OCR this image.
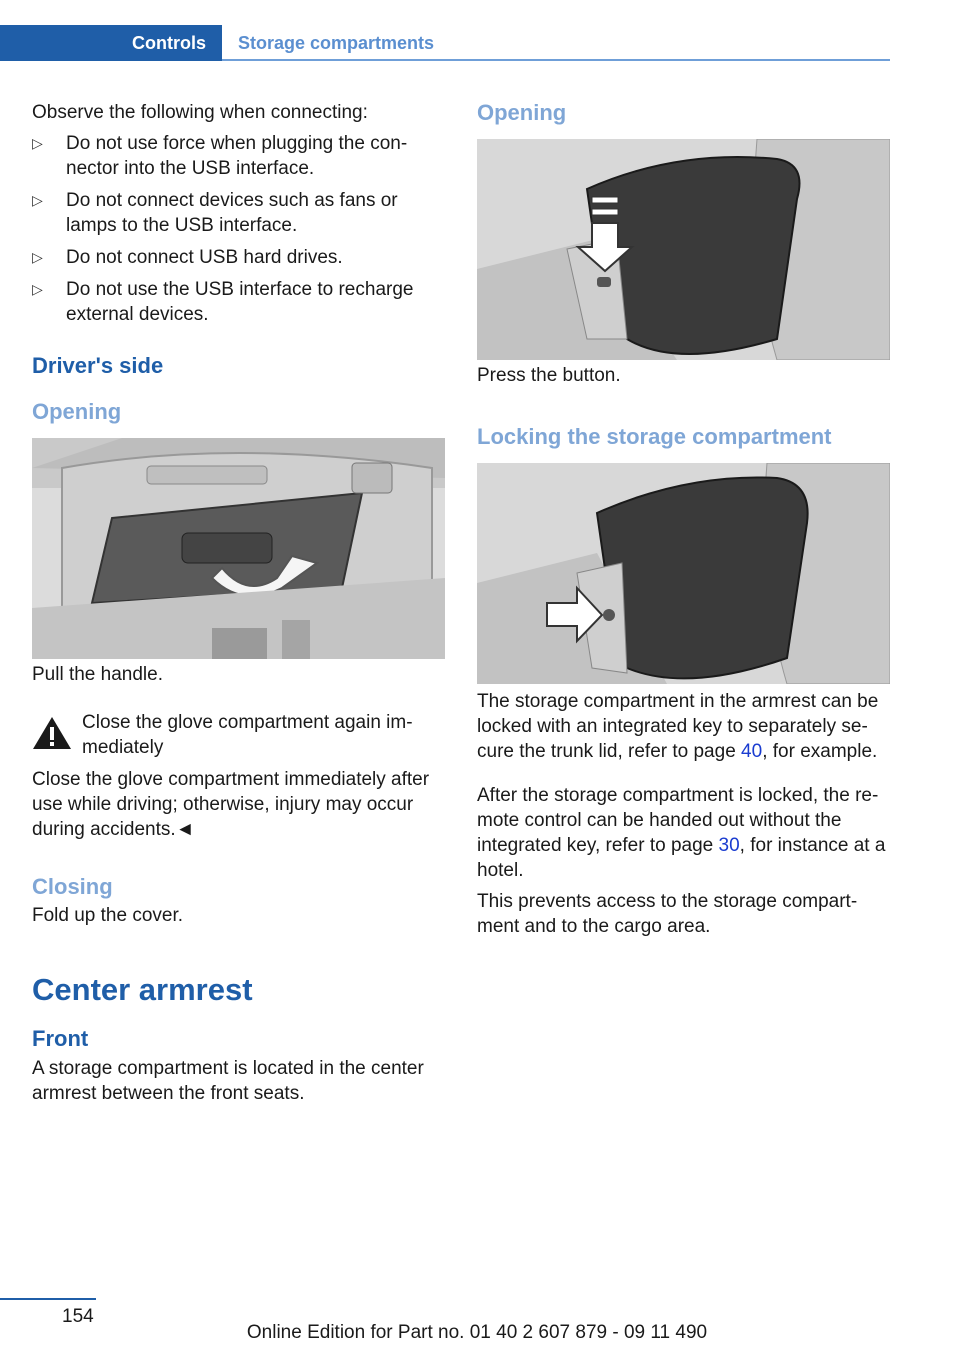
Controls Storage compartments

Observe the following when connecting:

▷ Do not use force when plugging the con-nector into the USB interface.
▷ Do not connect devices such as fans or lamps to the USB interface.
▷ Do not connect USB hard drives.
▷ Do not use the USB interface to recharge external devices.
Driver's side
Opening

Pull the handle.

Close the glove compartment again im-mediately

Close the glove compartment immediately after use while driving; otherwise, injury may occur during accidents.◄

Closing

Fold up the cover.

Center armrest
Front

A storage compartment is located in the center armrest between the front seats.

Opening

Press the button.

Locking the storage compartment

The storage compartment in the armrest can be locked with an integrated key to separately se-cure the trunk lid, refer to page 40, for example.

After the storage compartment is locked, the re-mote control can be handed out without the integrated key, refer to page 30, for instance at a hotel.

This prevents access to the storage compart-ment and to the cargo area.

154
Online Edition for Part no. 01 40 2 607 879 - 09 11 490
